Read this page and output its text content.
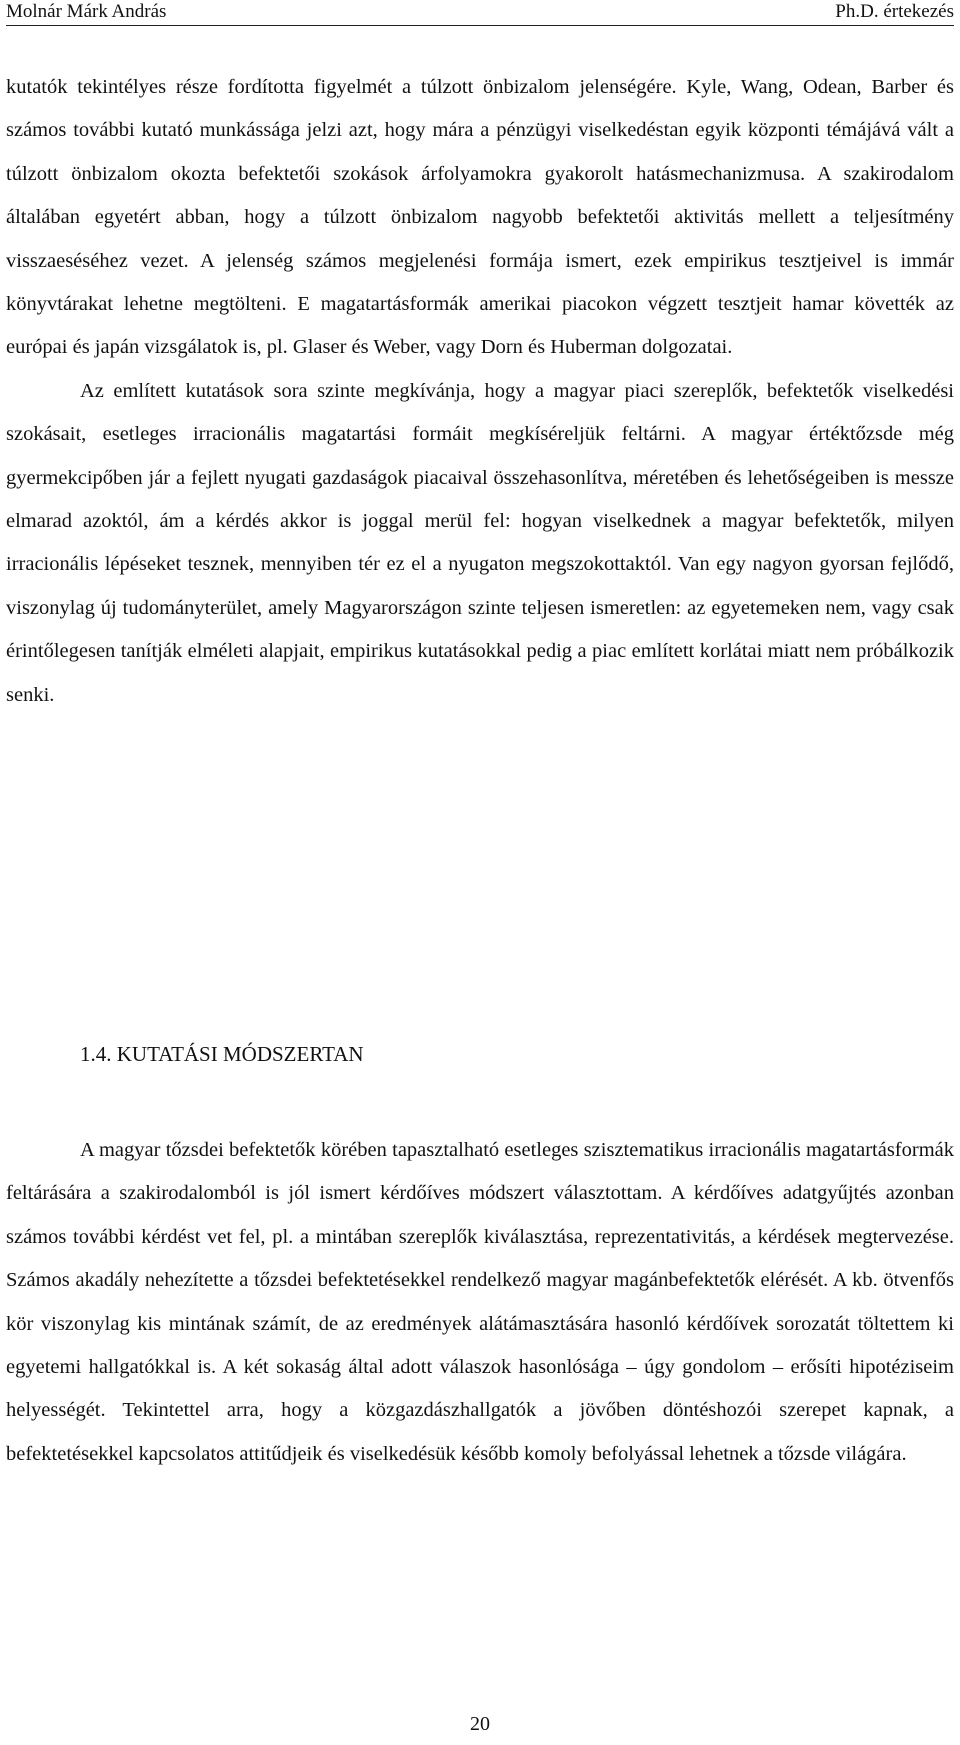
Molnár Márk András	Ph.D. értekezés

kutatók tekintélyes része fordította figyelmét a túlzott önbizalom jelenségére. Kyle, Wang, Odean, Barber és számos további kutató munkássága jelzi azt, hogy mára a pénzügyi viselkedéstan egyik központi témájává vált a túlzott önbizalom okozta befektetői szokások árfolyamokra gyakorolt hatásmechanizmusa. A szakirodalom általában egyetért abban, hogy a túlzott önbizalom nagyobb befektetői aktivitás mellett a teljesítmény visszaeséséhez vezet. A jelenség számos megjelenési formája ismert, ezek empirikus tesztjeivel is immár könyvtárakat lehetne megtölteni. E magatartásformák amerikai piacokon végzett tesztjeit hamar követték az európai és japán vizsgálatok is, pl. Glaser és Weber, vagy Dorn és Huberman dolgozatai.

Az említett kutatások sora szinte megkívánja, hogy a magyar piaci szereplők, befektetők viselkedési szokásait, esetleges irracionális magatartási formáit megkíséreljük feltárni. A magyar értéktőzsde még gyermekcipőben jár a fejlett nyugati gazdaságok piacaival összehasonlítva, méretében és lehetőségeiben is messze elmarad azoktól, ám a kérdés akkor is joggal merül fel: hogyan viselkednek a magyar befektetők, milyen irracionális lépéseket tesznek, mennyiben tér ez el a nyugaton megszokottaktól. Van egy nagyon gyorsan fejlődő, viszonylag új tudományterület, amely Magyarországon szinte teljesen ismeretlen: az egyetemeken nem, vagy csak érintőlegesen tanítják elméleti alapjait, empirikus kutatásokkal pedig a piac említett korlátai miatt nem próbálkozik senki.

1.4. KUTATÁSI MÓDSZERTAN

A magyar tőzsdei befektetők körében tapasztalható esetleges szisztematikus irracionális magatartásformák feltárására a szakirodalomból is jól ismert kérdőíves módszert választottam. A kérdőíves adatgyűjtés azonban számos további kérdést vet fel, pl. a mintában szereplők kiválasztása, reprezentativitás, a kérdések megtervezése. Számos akadály nehezítette a tőzsdei befektetésekkel rendelkező magyar magánbefektetők elérését. A kb. ötvenfős kör viszonylag kis mintának számít, de az eredmények alátámasztására hasonló kérdőívek sorozatát töltettem ki egyetemi hallgatókkal is. A két sokaság által adott válaszok hasonlósága – úgy gondolom – erősíti hipotéziseim helyességét. Tekintettel arra, hogy a közgazdászhallgatók a jövőben döntéshozói szerepet kapnak, a befektetésekkel kapcsolatos attitűdjeik és viselkedésük később komoly befolyással lehetnek a tőzsde világára.

20
